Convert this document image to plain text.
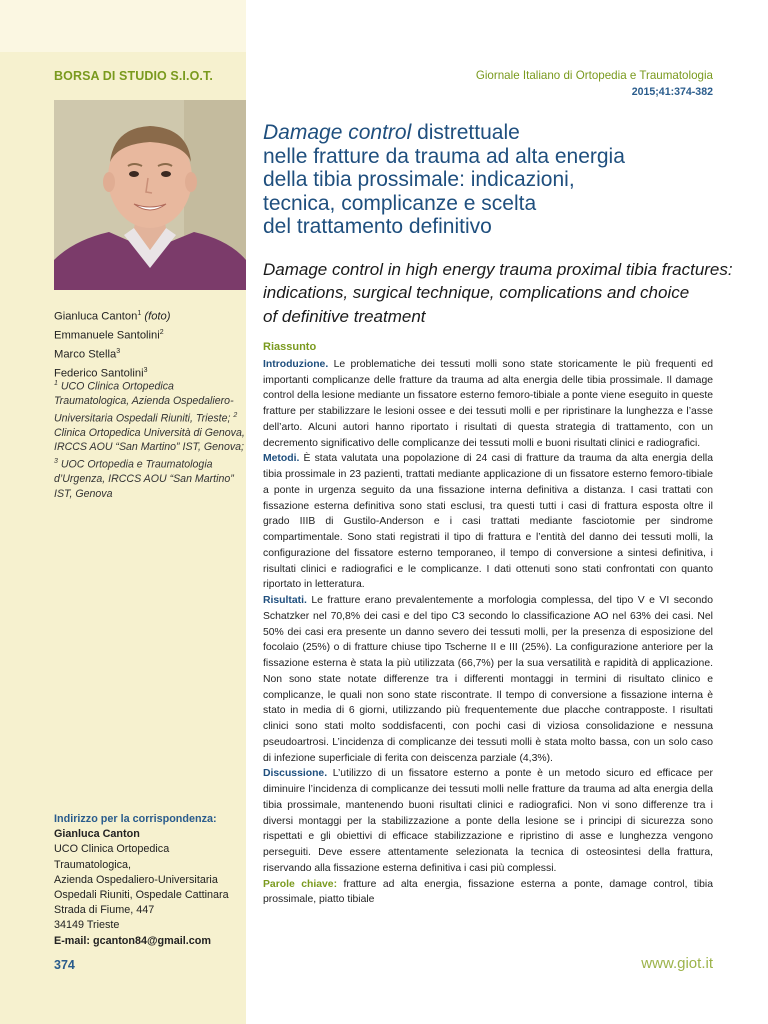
BORSA DI STUDIO S.I.O.T.
Gianluca Canton$^1$ (foto)
Emmanuele Santolini$^2$
Marco Stella$^3$
Federico Santolini$^3$
$^1$ UCO Clinica Ortopedica Traumatologica, Azienda Ospedaliero-Universitaria Ospedali Riuniti, Trieste; $^2$ Clinica Ortopedica Università di Genova, IRCCS AOU “San Martino” IST, Genova;
$^3$ UOC Ortopedia e Traumatologia d’Urgenza, IRCCS AOU “San Martino” IST, Genova
Indirizzo per la corrispondenza:
Gianluca Canton
UCO Clinica Ortopedica Traumatologica,
Azienda Ospedaliero-Universitaria
Ospedali Riuniti, Ospedale Cattinara
Strada di Fiume, 447
34149 Trieste
E-mail: gcanton84@gmail.com
Giornale Italiano di Ortopedia e Traumatologia
2015;41:374-382
Damage control distrettuale
nelle fratture da trauma ad alta energia
della tibia prossimale: indicazioni,
tecnica, complicanze e scelta
del trattamento definitivo
Damage control in high energy trauma proximal tibia fractures:
indications, surgical technique, complications and choice
of definitive treatment
Riassunto

Introduzione. Le problematiche dei tessuti molli sono state storicamente le più frequenti ed importanti complicanze delle fratture da trauma ad alta energia delle tibia prossimale. Il damage control della lesione mediante un fissatore esterno femoro-tibiale a ponte viene eseguito in queste fratture per stabilizzare le lesioni ossee e dei tessuti molli e per ripristinare la lunghezza e l’asse dell’arto. Alcuni autori hanno riportato i risultati di questa strategia di trattamento, con un decremento significativo delle complicanze dei tessuti molli e buoni risultati clinici e radiografici.

Metodi. È stata valutata una popolazione di 24 casi di fratture da trauma da alta energia della tibia prossimale in 23 pazienti, trattati mediante applicazione di un fissatore esterno femoro-tibiale a ponte in urgenza seguito da una fissazione interna definitiva a distanza. I casi trattati con fissazione esterna definitiva sono stati esclusi, tra questi tutti i casi di frattura esposta oltre il grado IIIB di Gustilo-Anderson e i casi trattati mediante fasciotomie per sindrome compartimentale. Sono stati registrati il tipo di frattura e l’entità del danno dei tessuti molli, la configurazione del fissatore esterno temporaneo, il tempo di conversione a sintesi definitiva, i risultati clinici e radiografici e le complicanze. I dati ottenuti sono stati confrontati con quanto riportato in letteratura.

Risultati. Le fratture erano prevalentemente a morfologia complessa, del tipo V e VI secondo Schatzker nel 70,8% dei casi e del tipo C3 secondo lo classificazione AO nel 63% dei casi. Nel 50% dei casi era presente un danno severo dei tessuti molli, per la presenza di esposizione del focolaio (25%) o di fratture chiuse tipo Tscherne II e III (25%). La configurazione anteriore per la fissazione esterna è stata la più utilizzata (66,7%) per la sua versatilità e rapidità di applicazione. Non sono state notate differenze tra i differenti montaggi in termini di risultato clinico e complicanze, le quali non sono state riscontrate. Il tempo di conversione a fissazione interna è stato in media di 6 giorni, utilizzando più frequentemente due placche contrapposte. I risultati clinici sono stati molto soddisfacenti, con pochi casi di viziosa consolidazione e nessuna pseudoartrosi. L’incidenza di complicanze dei tessuti molli è stata molto bassa, con un solo caso di infezione superficiale di ferita con deiscenza parziale (4,3%).

Discussione. L’utilizzo di un fissatore esterno a ponte è un metodo sicuro ed efficace per diminuire l’incidenza di complicanze dei tessuti molli nelle fratture da trauma ad alta energia della tibia prossimale, mantenendo buoni risultati clinici e radiografici. Non vi sono differenze tra i diversi montaggi per la stabilizzazione a ponte della lesione se i principi di sicurezza sono rispettati e gli obiettivi di efficace stabilizzazione e ripristino di asse e lunghezza vengono perseguiti. Deve essere attentamente selezionata la tecnica di osteosintesi della frattura, riservando alla fissazione esterna definitiva i casi più complessi.

Parole chiave: fratture ad alta energia, fissazione esterna a ponte, damage control, tibia prossimale, piatto tibiale

374	www.giot.it
